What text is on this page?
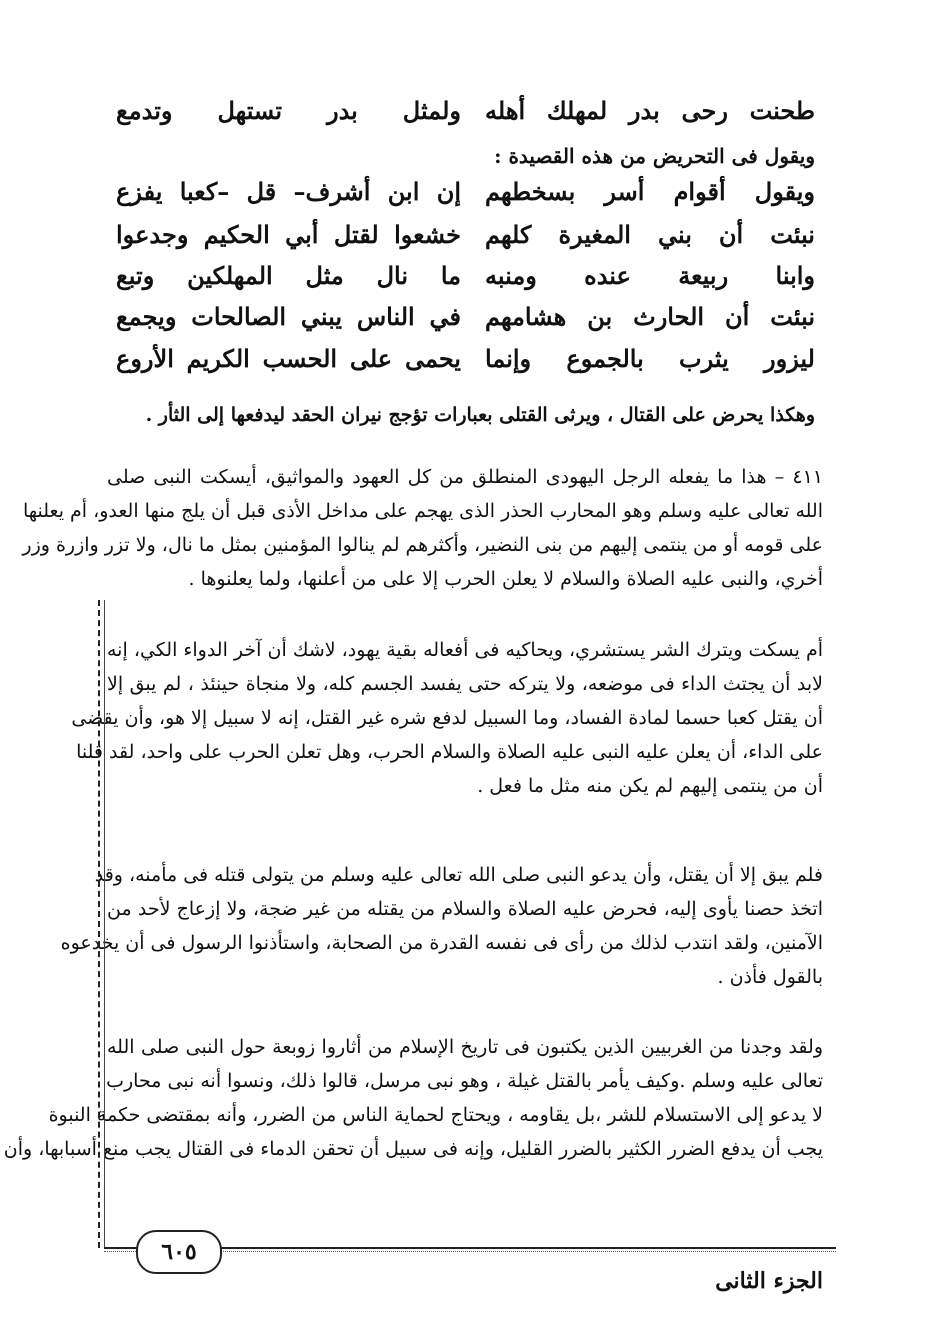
طحنت رحى بدر لمهلك أهله
ولمثل بدر تستهل وتدمع
ويقول فى التحريض من هذه القصيدة :
ويقول أقوام أسر بسخطهم
إن ابن أشرف– قل –كعبا يفزع
نبئت أن بني المغيرة كلهم
خشعوا لقتل أبي الحكيم وجدعوا
وابنا ربيعة عنده ومنبه
ما نال مثل المهلكين وتبع
نبئت أن الحارث بن هشامهم
في الناس يبني الصالحات ويجمع
ليزور يثرب بالجموع وإنما
يحمى على الحسب الكريم الأروع
وهكذا يحرض على القتال ، ويرثى القتلى بعبارات تؤجج نيران الحقد ليدفعها إلى الثأر .
٤١١ – هذا ما يفعله الرجل اليهودى المنطلق من كل العهود والمواثيق، أيسكت النبى صلى
الله تعالى عليه وسلم وهو المحارب الحذر الذى يهجم على مداخل الأذى قبل أن يلج منها العدو، أم يعلنها
على قومه أو من ينتمى إليهم من بنى النضير، وأكثرهم لم ينالوا المؤمنين بمثل ما نال، ولا تزر وازرة وزر
أخري، والنبى عليه الصلاة والسلام لا يعلن الحرب إلا على من أعلنها، ولما يعلنوها .
أم يسكت ويترك الشر يستشري، ويحاكيه فى أفعاله بقية يهود، لاشك أن آخر الدواء الكي، إنه
لابد أن يجتث الداء فى موضعه، ولا يتركه حتى يفسد الجسم كله، ولا منجاة حينئذ ، لم يبق إلا
أن يقتل كعبا حسما لمادة الفساد، وما السبيل لدفع شره غير القتل، إنه لا سبيل إلا هو، وأن يقضى
على الداء، أن يعلن عليه النبى عليه الصلاة والسلام الحرب، وهل تعلن الحرب على واحد، لقد قلنا
أن من ينتمى إليهم لم يكن منه مثل ما فعل .
فلم يبق إلا أن يقتل، وأن يدعو النبى صلى الله تعالى عليه وسلم من يتولى قتله فى مأمنه، وقد
اتخذ حصنا يأوى إليه، فحرض عليه الصلاة والسلام من يقتله من غير ضجة، ولا إزعاج لأحد من
الآمنين، ولقد انتدب لذلك من رأى فى نفسه القدرة من الصحابة، واستأذنوا الرسول فى أن يخدعوه
بالقول فأذن .
ولقد وجدنا من الغربيين الذين يكتبون فى تاريخ الإسلام من أثاروا زوبعة حول النبى صلى الله
تعالى عليه وسلم .وكيف يأمر بالقتل غيلة ، وهو نبى مرسل، قالوا ذلك، ونسوا أنه نبى محارب
لا يدعو إلى الاستسلام للشر ،بل يقاومه ، ويحتاج لحماية الناس من الضرر، وأنه بمقتضى حكمة النبوة
يجب أن يدفع الضرر الكثير بالضرر القليل، وإنه فى سبيل أن تحقن الدماء فى القتال يجب منع أسبابها، وأن
٦٠٥
الجزء الثانى
